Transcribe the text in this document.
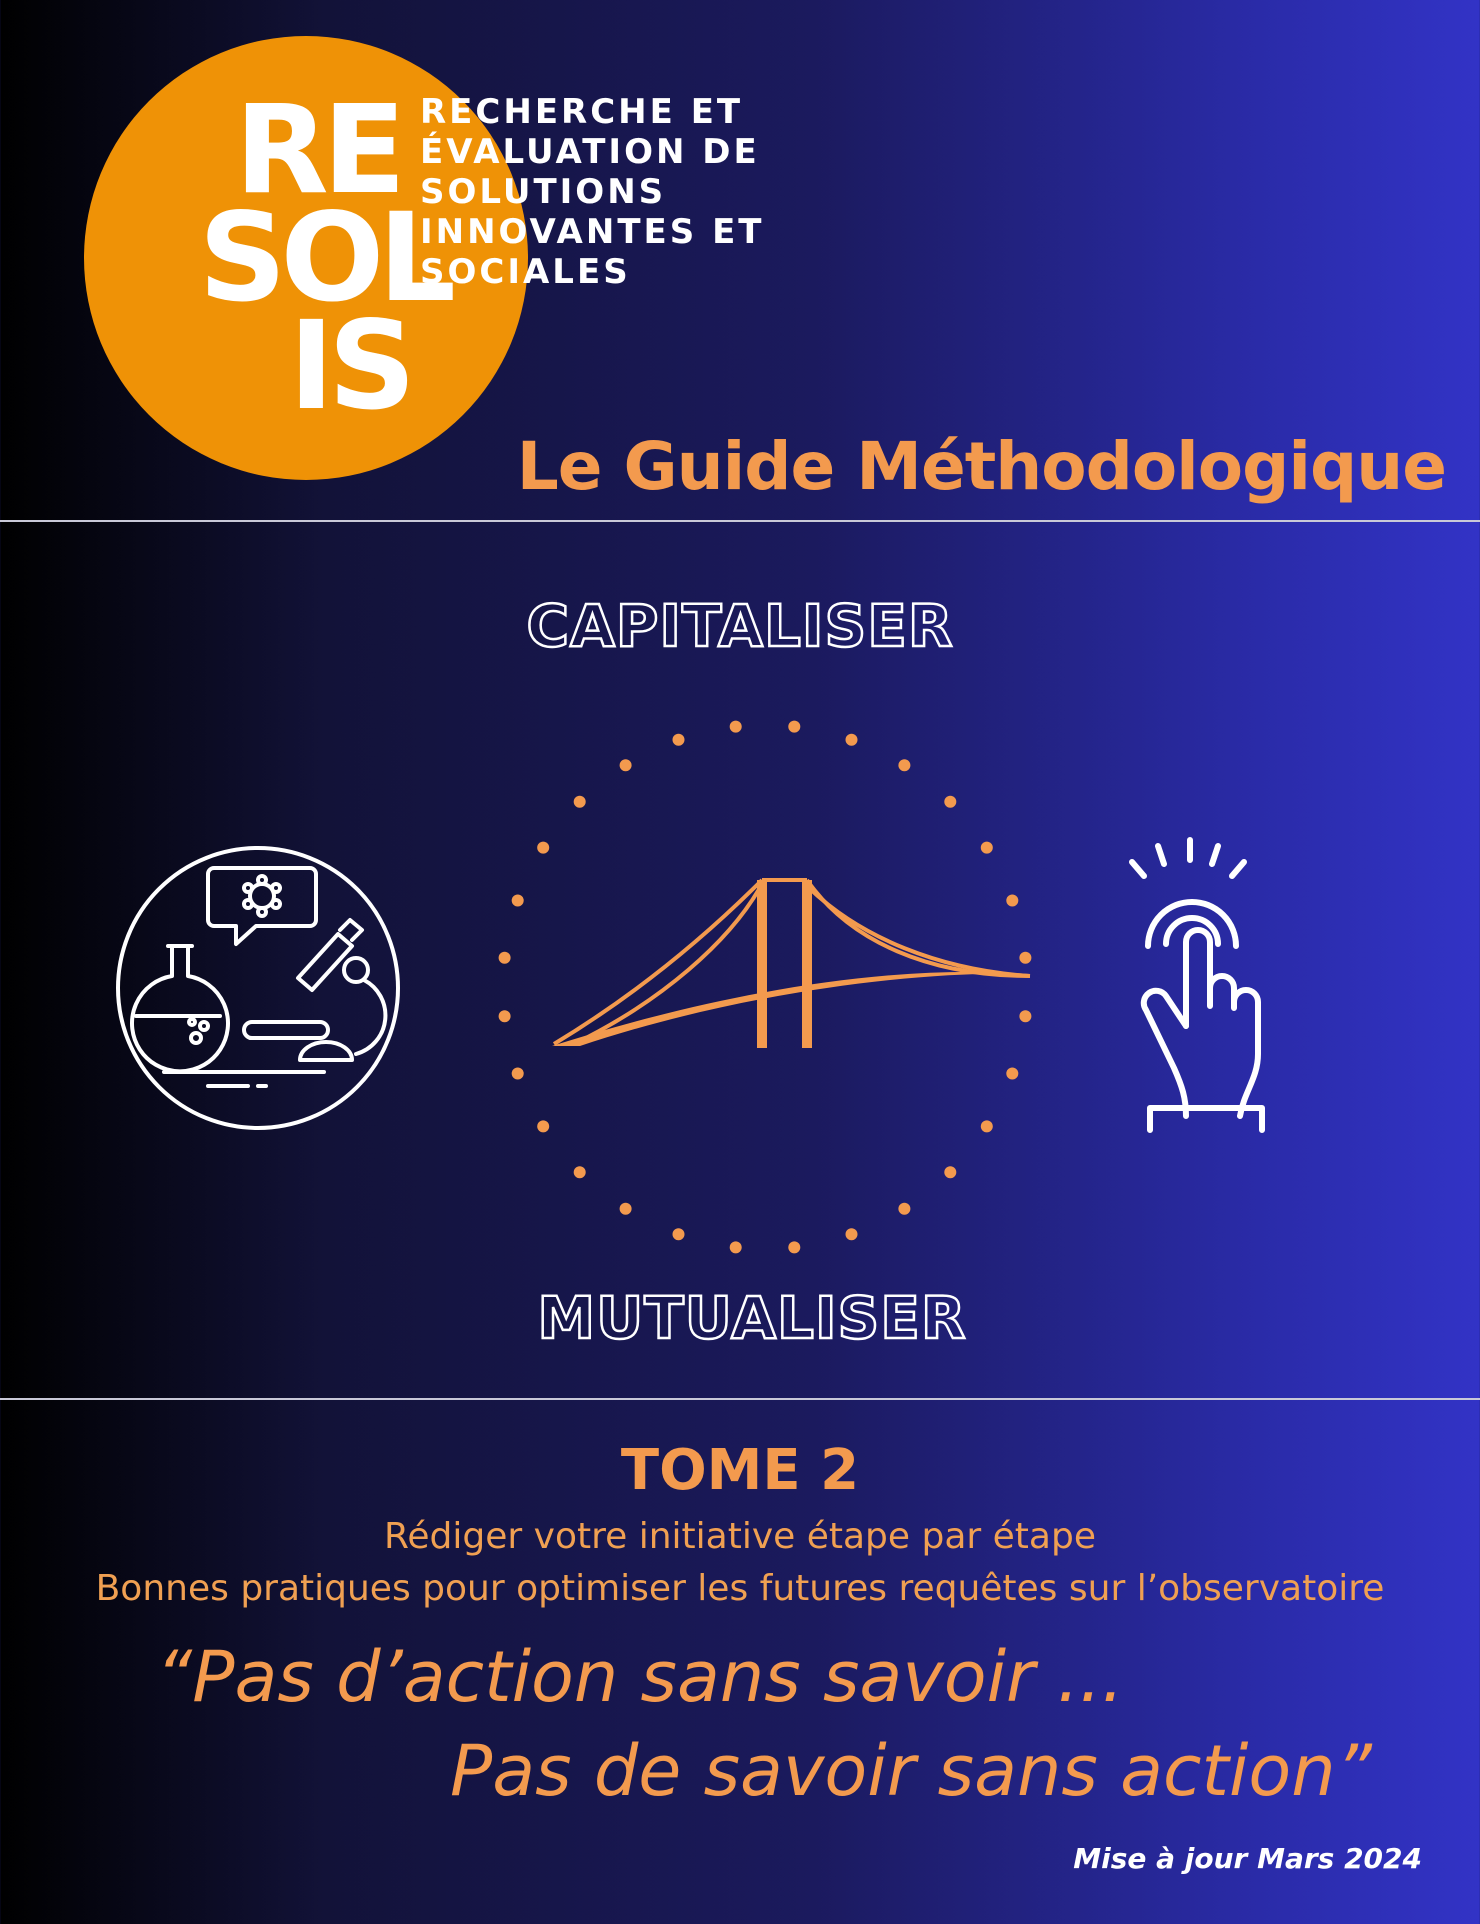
RE
SOL
IS
RECHERCHE ET
ÉVALUATION DE
SOLUTIONS
INNOVANTES ET
SOCIALES
Le Guide Méthodologique
CAPITALISER
MUTUALISER
TOME 2
Rédiger votre initiative étape par étape
Bonnes pratiques pour optimiser les futures requêtes sur l’observatoire
“Pas d’action sans savoir ...
Pas de savoir sans action”
Mise à jour Mars 2024
